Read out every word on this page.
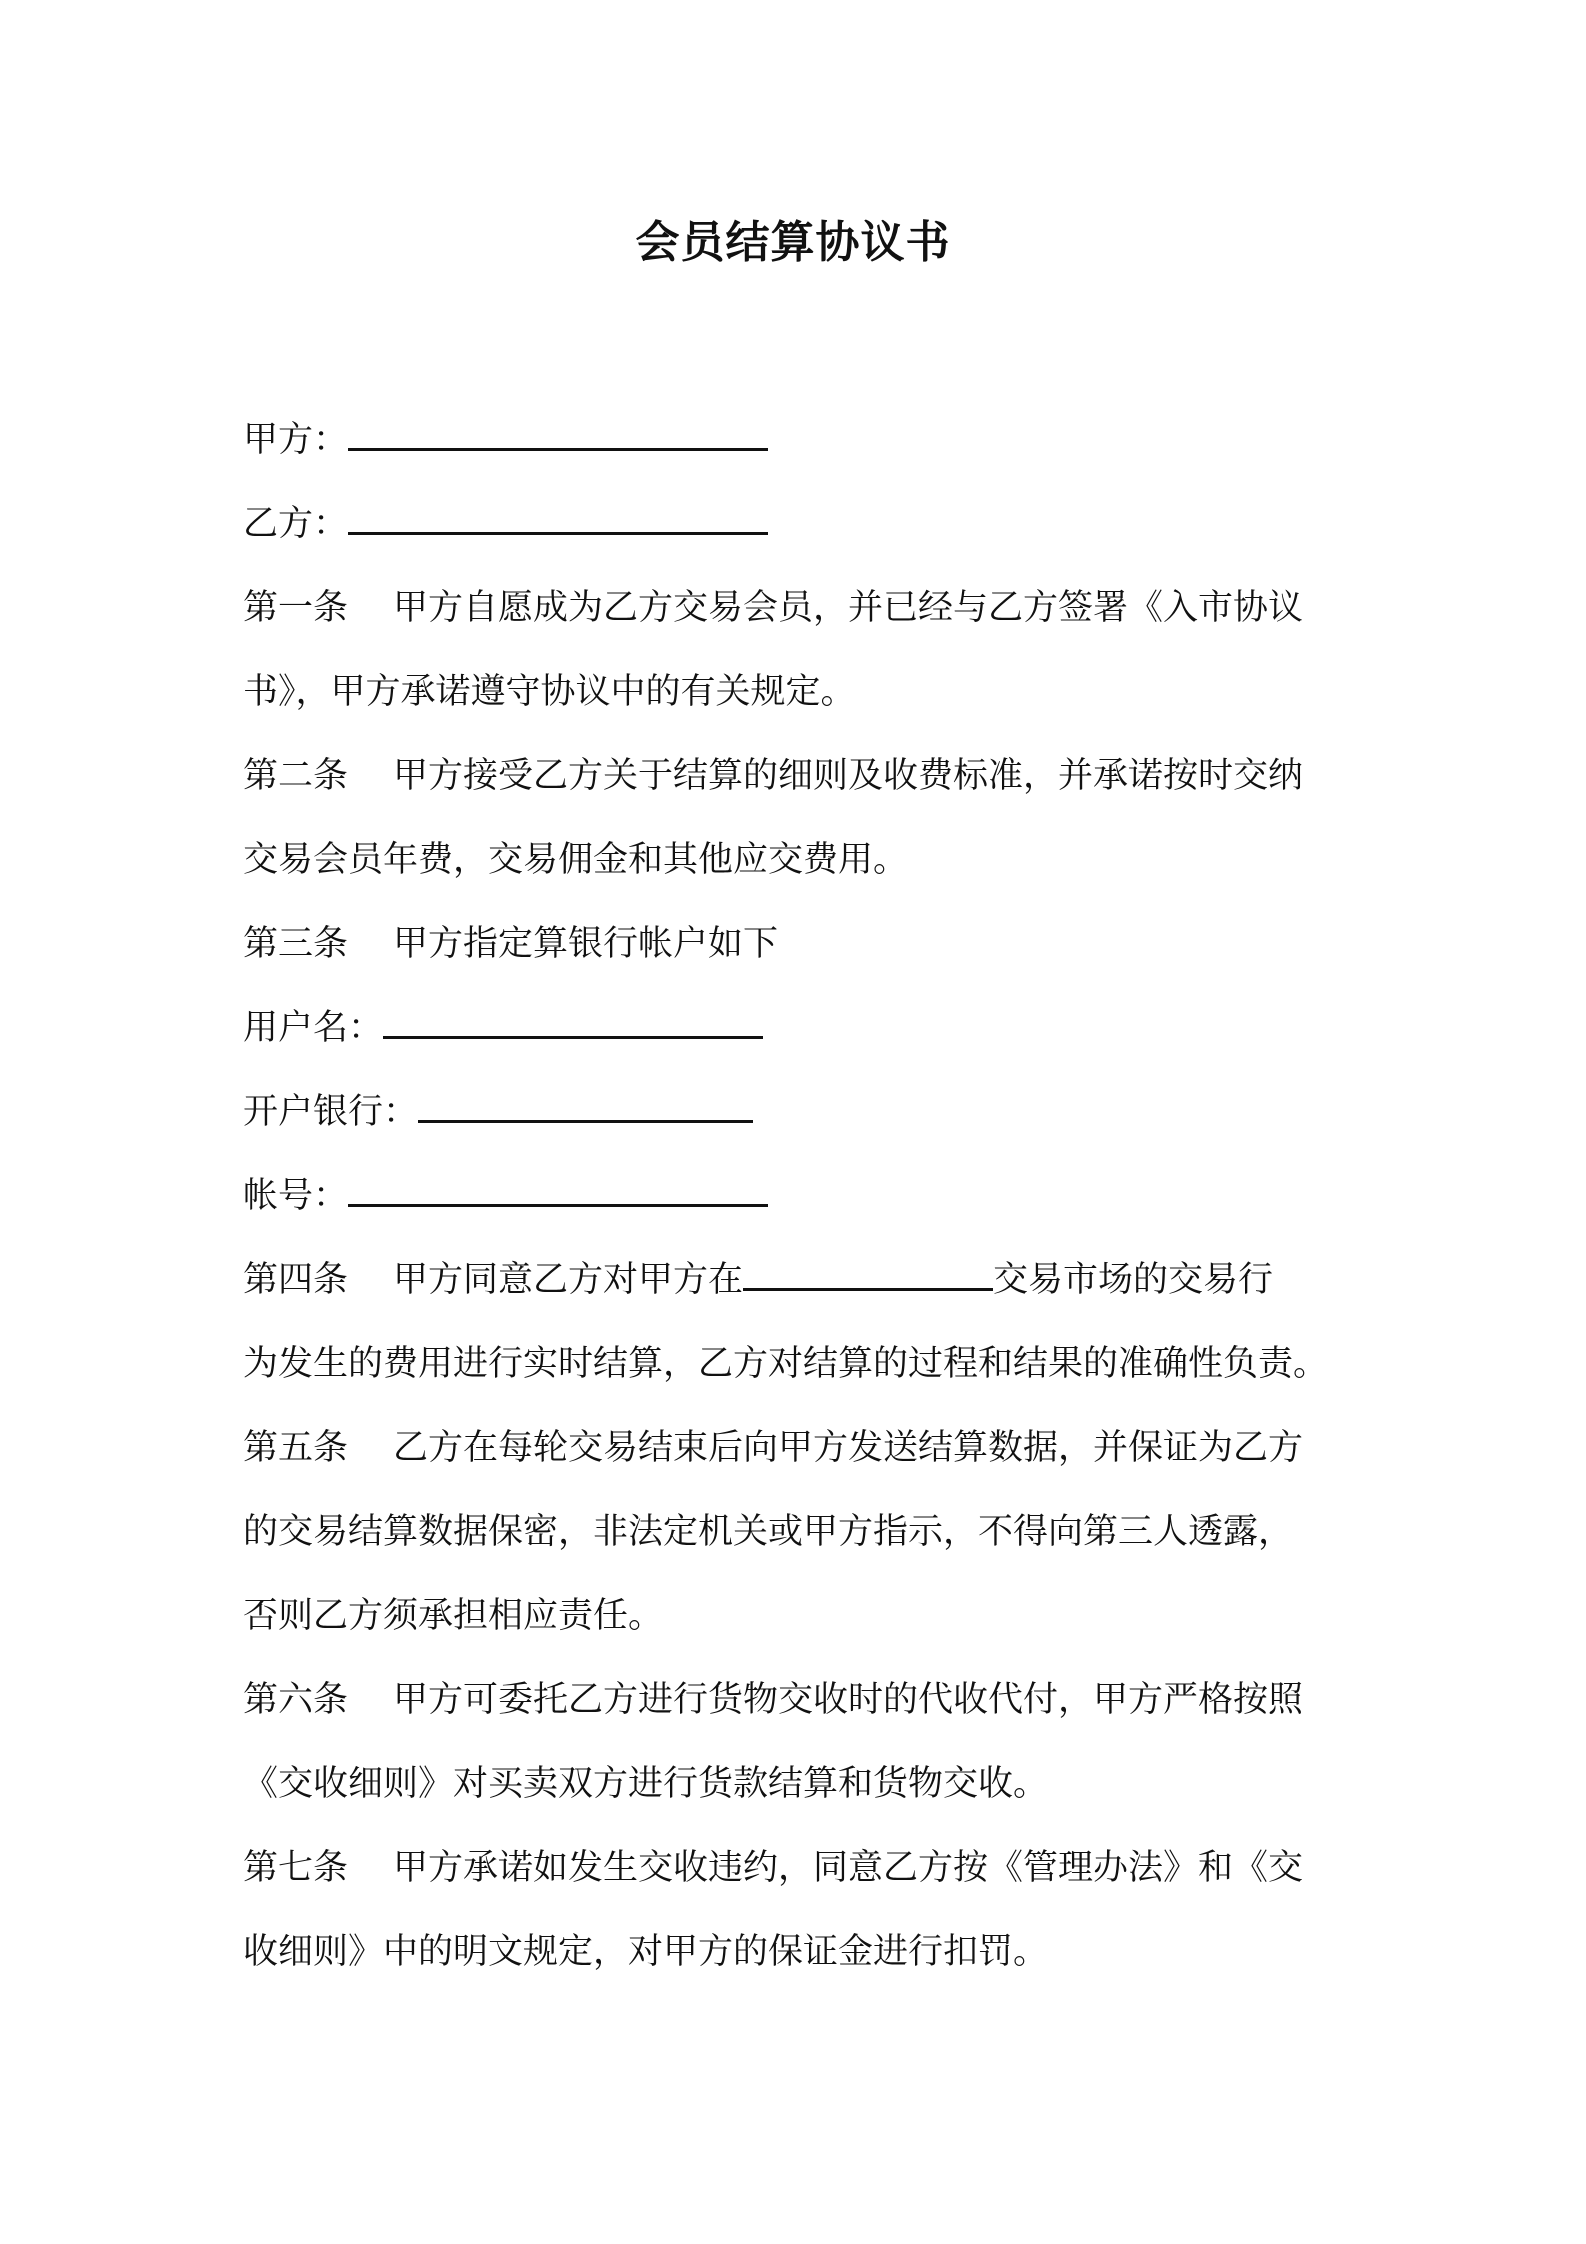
会员结算协议书
甲方：
乙方：
第一条 甲方自愿成为乙方交易会员，并已经与乙方签署《入市协议
书》，甲方承诺遵守协议中的有关规定。
第二条 甲方接受乙方关于结算的细则及收费标准，并承诺按时交纳
交易会员年费，交易佣金和其他应交费用。
第三条 甲方指定算银行帐户如下
用户名：
开户银行：
帐号：
第四条 甲方同意乙方对甲方在	交易市场的交易行
为发生的费用进行实时结算，乙方对结算的过程和结果的准确性负责。
第五条 乙方在每轮交易结束后向甲方发送结算数据，并保证为乙方
的交易结算数据保密，非法定机关或甲方指示，不得向第三人透露，
否则乙方须承担相应责任。
第六条 甲方可委托乙方进行货物交收时的代收代付，甲方严格按照
《交收细则》对买卖双方进行货款结算和货物交收。
第七条 甲方承诺如发生交收违约，同意乙方按《管理办法》和《交
收细则》中的明文规定，对甲方的保证金进行扣罚。
